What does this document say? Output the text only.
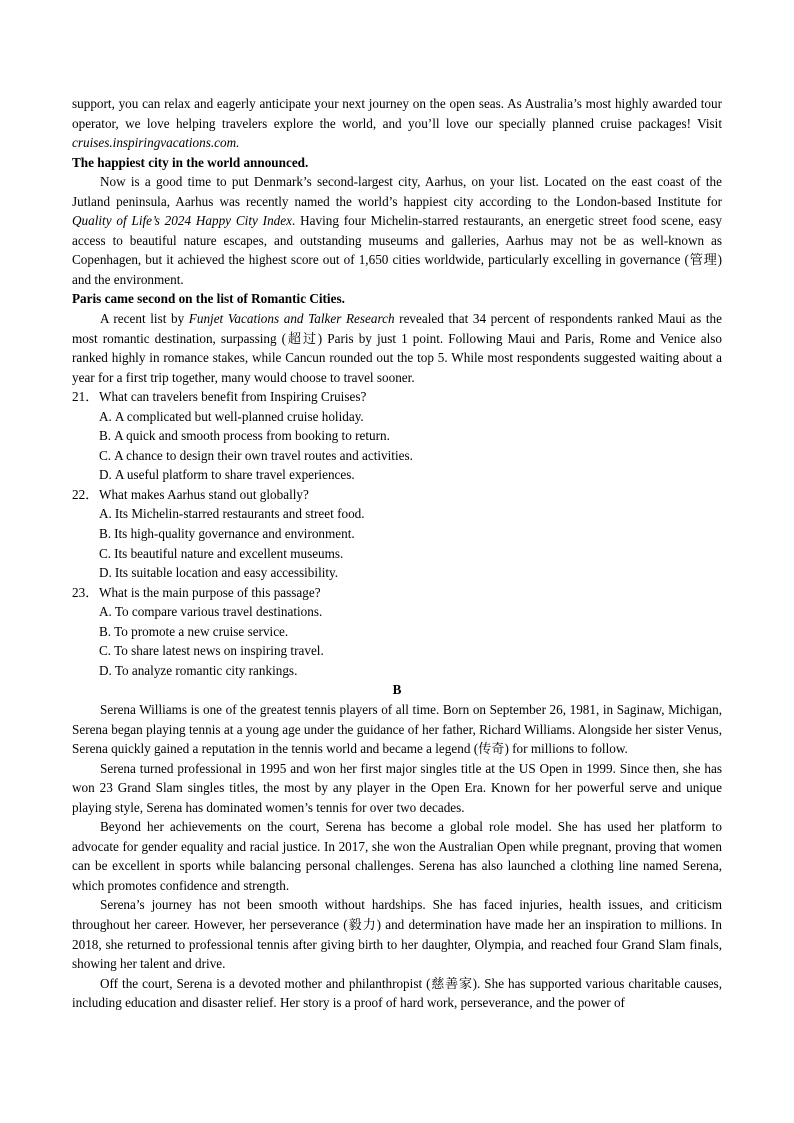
support, you can relax and eagerly anticipate your next journey on the open seas. As Australia’s most highly awarded tour operator, we love helping travelers explore the world, and you’ll love our specially planned cruise packages! Visit cruises.inspiringvacations.com.

The happiest city in the world announced.

Now is a good time to put Denmark’s second-largest city, Aarhus, on your list. Located on the east coast of the Jutland peninsula, Aarhus was recently named the world’s happiest city according to the London-based Institute for Quality of Life’s 2024 Happy City Index. Having four Michelin-starred restaurants, an energetic street food scene, easy access to beautiful nature escapes, and outstanding museums and galleries, Aarhus may not be as well-known as Copenhagen, but it achieved the highest score out of 1,650 cities worldwide, particularly excelling in governance (管理) and the environment.

Paris came second on the list of Romantic Cities.

A recent list by Funjet Vacations and Talker Research revealed that 34 percent of respondents ranked Maui as the most romantic destination, surpassing (超过) Paris by just 1 point. Following Maui and Paris, Rome and Venice also ranked highly in romance stakes, while Cancun rounded out the top 5. While most respondents suggested waiting about a year for a first trip together, many would choose to travel sooner.

21． What can travelers benefit from Inspiring Cruises?
A. A complicated but well-planned cruise holiday.
B. A quick and smooth process from booking to return.
C. A chance to design their own travel routes and activities.
D. A useful platform to share travel experiences.
22． What makes Aarhus stand out globally?
A. Its Michelin-starred restaurants and street food.
B. Its high-quality governance and environment.
C. Its beautiful nature and excellent museums.
D. Its suitable location and easy accessibility.
23． What is the main purpose of this passage?
A. To compare various travel destinations.
B. To promote a new cruise service.
C. To share latest news on inspiring travel.
D. To analyze romantic city rankings.

B

Serena Williams is one of the greatest tennis players of all time. Born on September 26, 1981, in Saginaw, Michigan, Serena began playing tennis at a young age under the guidance of her father, Richard Williams. Alongside her sister Venus, Serena quickly gained a reputation in the tennis world and became a legend (传奇) for millions to follow.

Serena turned professional in 1995 and won her first major singles title at the US Open in 1999. Since then, she has won 23 Grand Slam singles titles, the most by any player in the Open Era. Known for her powerful serve and unique playing style, Serena has dominated women’s tennis for over two decades.

Beyond her achievements on the court, Serena has become a global role model. She has used her platform to advocate for gender equality and racial justice. In 2017, she won the Australian Open while pregnant, proving that women can be excellent in sports while balancing personal challenges. Serena has also launched a clothing line named Serena, which promotes confidence and strength.

Serena’s journey has not been smooth without hardships. She has faced injuries, health issues, and criticism throughout her career. However, her perseverance (毅力) and determination have made her an inspiration to millions. In 2018, she returned to professional tennis after giving birth to her daughter, Olympia, and reached four Grand Slam finals, showing her talent and drive.

Off the court, Serena is a devoted mother and philanthropist (慈善家). She has supported various charitable causes, including education and disaster relief. Her story is a proof of hard work, perseverance, and the power of
